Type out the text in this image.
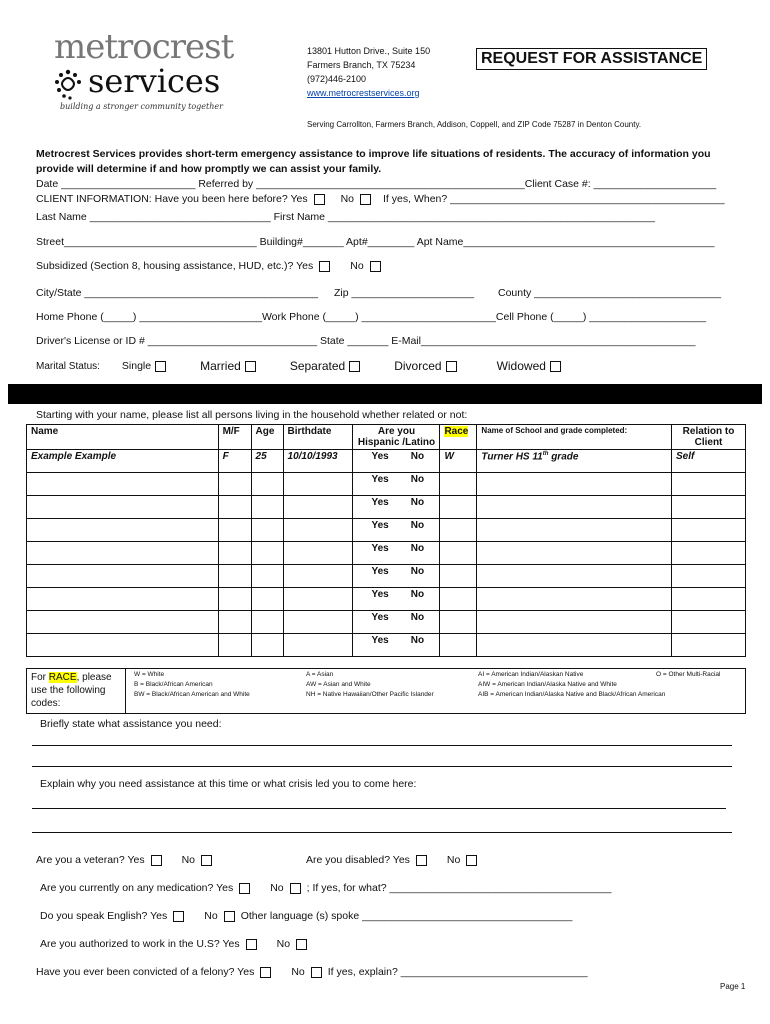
metrocrest
services
building a stronger community together
13801 Hutton Drive., Suite 150
Farmers Branch, TX 75234
(972)446-2100
www.metrocrestservices.org
REQUEST FOR ASSISTANCE
Serving Carrollton, Farmers Branch, Addison, Coppell, and ZIP Code 75287 in Denton County.
Metrocrest Services provides short-term emergency assistance to improve life situations of residents. The accuracy of information you
provide will determine if and how promptly we can assist your family.
Date _______________________ Referred by ______________________________________________Client Case #: _____________________
CLIENT INFORMATION: Have you been here before? Yes	No	If yes, When? _______________________________________________
Last Name _______________________________ First Name ________________________________________________________
Street_________________________________ Building#_______ Apt#________ Apt Name___________________________________________
Subsidized (Section 8, housing assistance, HUD, etc.)? Yes	No
City/State ________________________________________ Zip _____________________ County ________________________________
Home Phone (_____) _____________________Work Phone (_____) _______________________Cell Phone (_____) ____________________
Driver's License or ID # _____________________________ State _______ E-Mail_______________________________________________
Marital Status: Single	Married	Separated	Divorced	Widowed
Starting with your name, please list all persons living in the household whether related or not:
Name	M/F	Age	Birthdate	Are you Hispanic /Latino	Race	Name of School and grade completed:	Relation to Client
Example Example	F	25	10/10/1993	Yes No	W	Turner HS 11th grade	Self
				Yes No			
				Yes No			
				Yes No			
				Yes No			
				Yes No			
				Yes No			
				Yes No			
				Yes No			
For RACE, please use the following codes:
W = White
B = Black/African American
BW = Black/African American and White
A = Asian
AW = Asian and White
NH = Native Hawaiian/Other Pacific Islander
AI = American Indian/Alaskan Native
AIW = American Indian/Alaska Native and White
AIB = American Indian/Alaska Native and Black/African American
O = Other Multi-Racial
Briefly state what assistance you need:
Explain why you need assistance at this time or what crisis led you to come here:
Are you a veteran? Yes	No	Are you disabled? Yes	No
Are you currently on any medication? Yes	No ; If yes, for what? ______________________________________
Do you speak English? Yes	No Other language (s) spoke ____________________________________
Are you authorized to work in the U.S? Yes	No
Have you ever been convicted of a felony? Yes	No If yes, explain? ________________________________
Page 1
